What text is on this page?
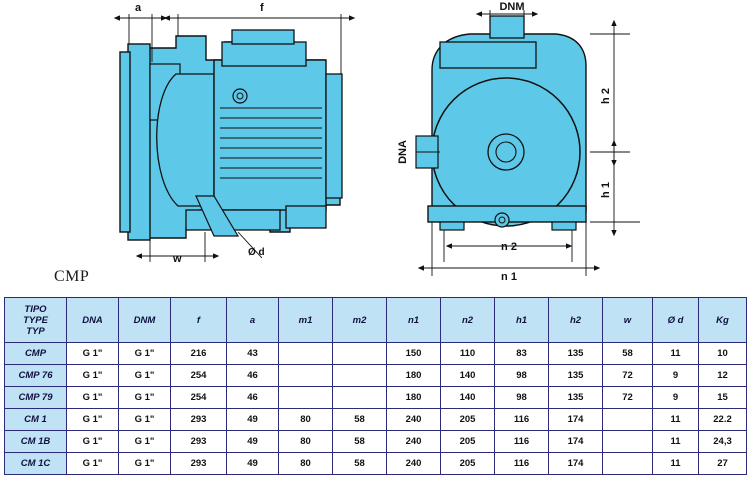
a	f
w
Ø d
DNM
DNA
h 2
h 1
n 2
n 1
CMP
TIPO
TYPE
TYP	DNA	DNM	f	a	m1	m2	n1	n2	h1	h2	w	Ø d	Kg
CMP	G 1"	G 1"	216	43			150	110	83	135	58	11	10
CMP 76	G 1"	G 1"	254	46			180	140	98	135	72	9	12
CMP 79	G 1"	G 1"	254	46			180	140	98	135	72	9	15
CM 1	G 1"	G 1"	293	49	80	58	240	205	116	174		11	22.2
CM 1B	G 1"	G 1"	293	49	80	58	240	205	116	174		11	24,3
CM 1C	G 1"	G 1"	293	49	80	58	240	205	116	174		11	27
